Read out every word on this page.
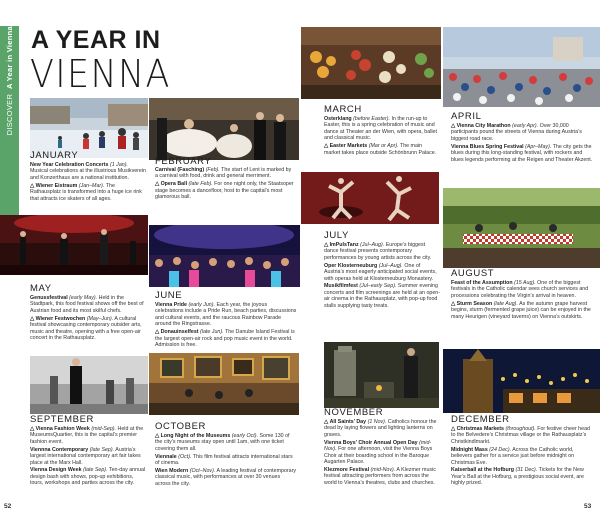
DISCOVER  A Year in Vienna A YEAR IN
VIENNA
JANUARY

New Year Celebration Concerts (1 Jan). Musical celebrations at the illustrious Musikverein and Konzerthaus are a national institution.

△ Wiener Eistraum (Jan–Mar). The Rathausplatz is transformed into a huge ice rink that attracts ice skaters of all ages.

FEBRUARY

Carnival (Fasching) (Feb). The start of Lent is marked by a carnival with food, drink and general merriment.

△ Opera Ball (late Feb). For one night only, the Staatsoper stage becomes a dancefloor, host to the capital’s most glamorous ball.

MARCH

Osterklang (before Easter). In the run-up to Easter, this is a spring celebration of music and dance at Theater an der Wien, with opera, ballet and classical music.

△ Easter Markets (Mar or Apr). The main market takes place outside Schönbrunn Palace.

APRIL

△ Vienna City Marathon (early Apr). Over 30,000 participants pound the streets of Vienna during Austria’s biggest road race.

Vienna Blues Spring Festival (Apr–May). The city gets the blues during this long-standing festival, with rockers and blues legends performing at the Reigen and Theater Akzent.

MAY

Genussfestival (early May). Held in the Stadtpark, this food festival shows off the best of Austrian food and its most skilful chefs.

△ Wiener Festwochen (May–Jun). A cultural festival showcasing contemporary outsider arts, music and theatre, opening with a free open-air concert in the Rathausplatz.

JUNE

Vienna Pride (early Jun). Each year, the joyous celebrations include a Pride Run, beach parties, discussions and cultural events, and the raucous Rainbow Parade around the Ringstrasse.

△ Donauinselfest (late Jun). The Danube Island Festival is the largest open-air rock and pop music event in the world. Admission is free.

JULY

△ ImPulsTanz (Jul–Aug). Europe’s biggest dance festival presents contemporary performances by young artists across the city.

Oper Klosterneuburg (Jul–Aug). One of Austria’s most eagerly anticipated social events, with operas held at Klosterneuburg Monastery.

Musikfilmfest (Jul–early Sep). Summer evening concerts and film screenings are held at an open-air cinema in the Rathausplatz, with pop-up food stalls supplying tasty treats.

AUGUST

Feast of the Assumption (15 Aug). One of the biggest festivals in the Catholic calendar sees church services and processions celebrating the Virgin’s arrival in heaven.

△ Sturm Season (late Aug). As the autumn grape harvest begins, sturm (fermented grape juice) can be enjoyed in the many Heurigen (vineyard taverns) on Vienna’s outskirts.

SEPTEMBER

△ Vienna Fashion Week (mid-Sep). Held at the MuseumsQuartier, this is the capital’s premier fashion event.

Viennna Contemporary (late Sep). Austria’s largest international contemporary art fair takes place at the Marx Hall.

Vienna Design Week (late Sep). Ten-day annual design bash with shows, pop-up exhibitions, tours, workshops and parties across the city.

OCTOBER

△ Long Night of the Museums (early Oct). Some 130 of the city’s museums stay open until 1am, with one ticket covering them all.

Viennale (Oct). This film festival attracts international stars of cinema.

Wien Modern (Oct–Nov). A leading festival of contemporary classical music, with performances at over 30 venues across the city.

NOVEMBER

△ All Saints’ Day (1 Nov). Catholics honour the dead by laying flowers and lighting lanterns on graves.

Vienna Boys’ Choir Annual Open Day (mid-Nov). For one afternoon, visit the Vienna Boys Choir at their boarding school in the Baroque Augarten Palace.

Klezmore Festival (mid-Nov). A Klezmer music festival attracting performers from across the world to Vienna’s theatres, clubs and churches.

DECEMBER

△ Christmas Markets (throughout). For festive cheer head to the Belvedere’s Christmas village or the Rathausplatz’s Christkindlmarkt.

Midnight Mass (24 Dec). Across the Catholic world, believers gather for a service just before midnight on Christmas Eve.

Kaiserball at the Hofburg (31 Dec). Tickets for the New Year’s Ball at the Hofburg, a prestigious social event, are highly prized.

52	53
